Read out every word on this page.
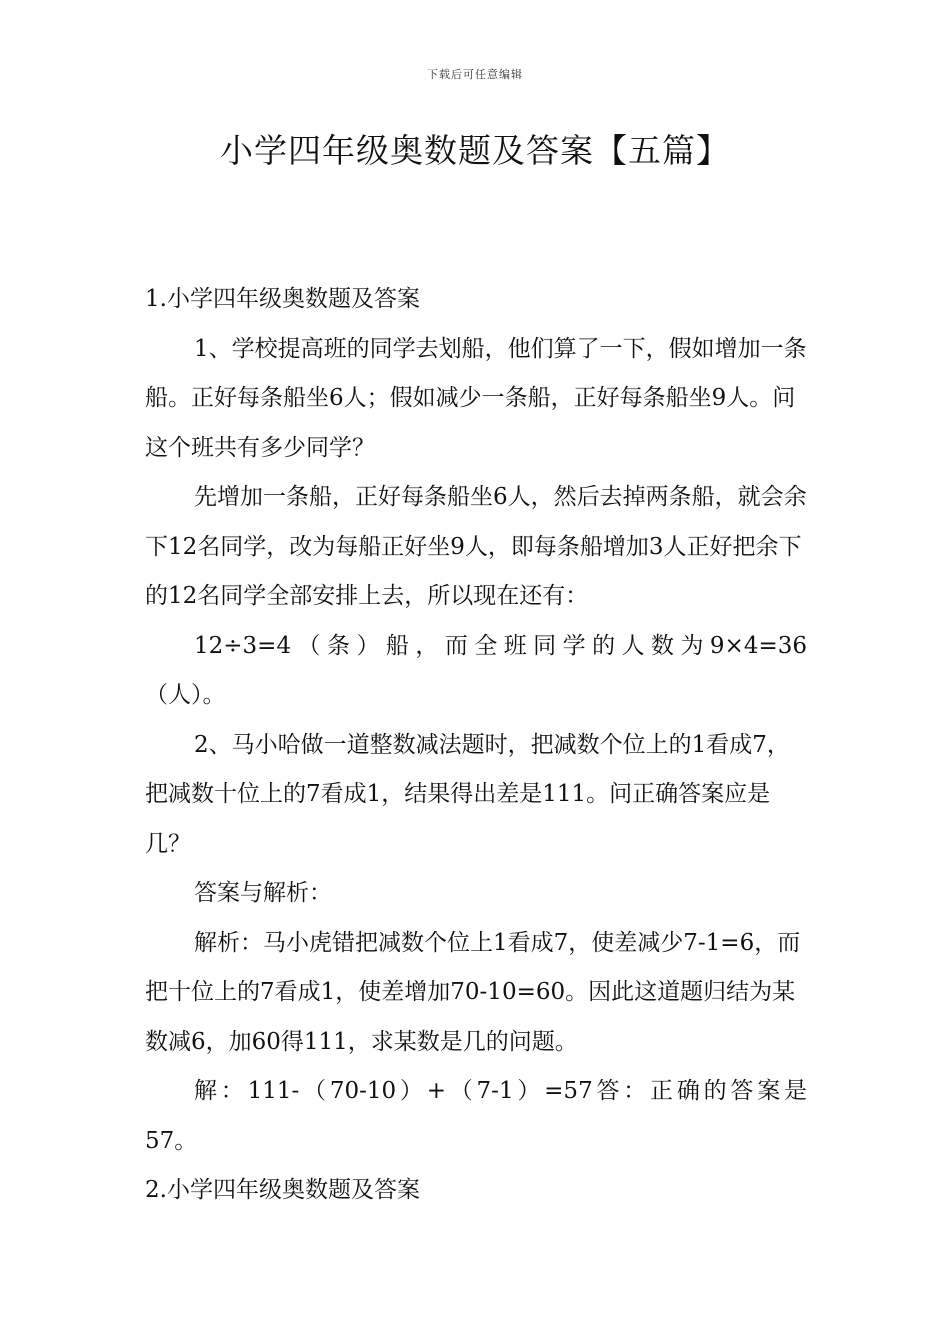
下载后可任意编辑
小学四年级奥数题及答案【五篇】

1.小学四年级奥数题及答案

1、学校提高班的同学去划船，他们算了一下，假如增加一条船。正好每条船坐6人；假如减少一条船，正好每条船坐9人。问这个班共有多少同学？

先增加一条船，正好每条船坐6人，然后去掉两条船，就会余下12名同学，改为每船正好坐9人，即每条船增加3人正好把余下的12名同学全部安排上去，所以现在还有：

12÷3=4（条）船，而全班同学的人数为9×4=36

（人）。

2、马小哈做一道整数减法题时，把减数个位上的1看成7，把减数十位上的7看成1，结果得出差是111。问正确答案应是几？

答案与解析：

解析：马小虎错把减数个位上1看成7，使差减少7-1=6，而把十位上的7看成1，使差增加70-10=60。因此这道题归结为某数减6，加60得111，求某数是几的问题。

解：111-（70-10）+（7-1）=57答：正确的答案是

57。

2.小学四年级奥数题及答案
